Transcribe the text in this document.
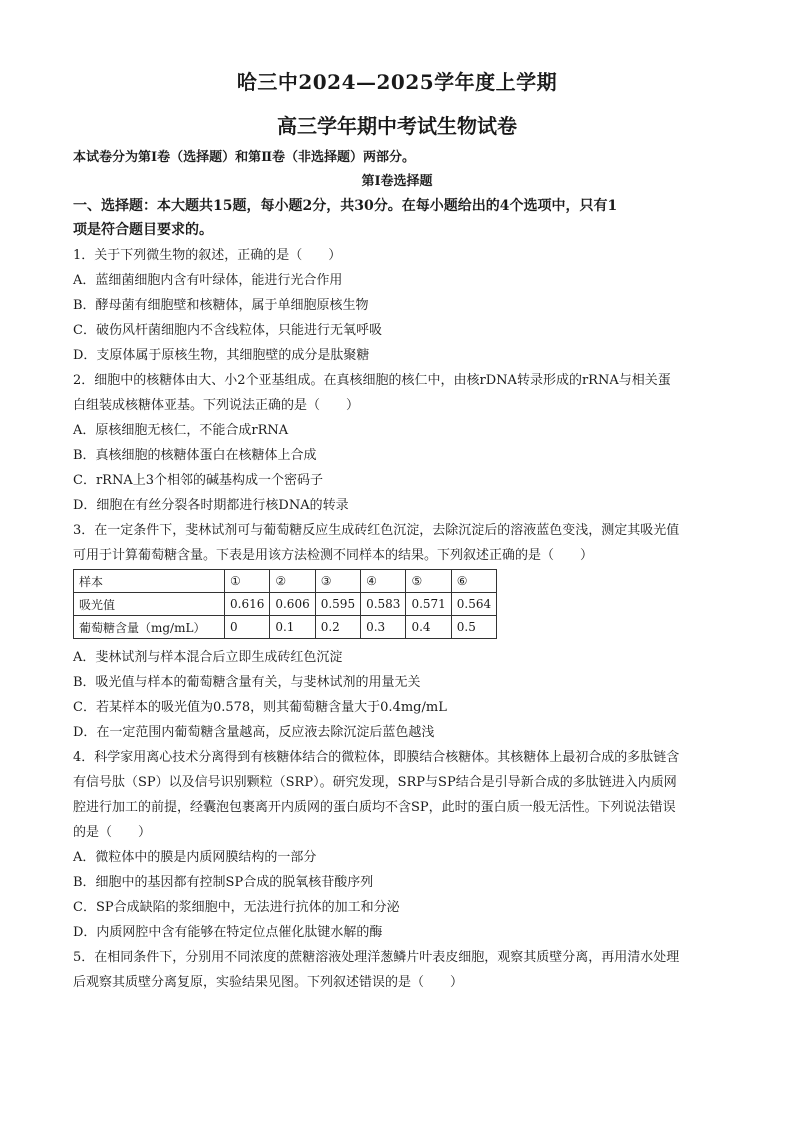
哈三中2024—2025学年度上学期
高三学年期中考试生物试卷
本试卷分为第Ⅰ卷（选择题）和第Ⅱ卷（非选择题）两部分。
第Ⅰ卷选择题
一、选择题：本大题共15题，每小题2分，共30分。在每小题给出的4个选项中，只有1
项是符合题目要求的。
1．关于下列微生物的叙述，正确的是（　　）
A．蓝细菌细胞内含有叶绿体，能进行光合作用
B．酵母菌有细胞壁和核糖体，属于单细胞原核生物
C．破伤风杆菌细胞内不含线粒体，只能进行无氧呼吸
D．支原体属于原核生物，其细胞壁的成分是肽聚糖
2．细胞中的核糖体由大、小2个亚基组成。在真核细胞的核仁中，由核rDNA转录形成的rRNA与相关蛋
白组装成核糖体亚基。下列说法正确的是（　　）
A．原核细胞无核仁，不能合成rRNA
B．真核细胞的核糖体蛋白在核糖体上合成
C．rRNA上3个相邻的碱基构成一个密码子
D．细胞在有丝分裂各时期都进行核DNA的转录
3．在一定条件下，斐林试剂可与葡萄糖反应生成砖红色沉淀，去除沉淀后的溶液蓝色变浅，测定其吸光值
可用于计算葡萄糖含量。下表是用该方法检测不同样本的结果。下列叙述正确的是（　　）
样本	①	②	③	④	⑤	⑥
吸光值	0.616	0.606	0.595	0.583	0.571	0.564
葡萄糖含量（mg/mL）	0	0.1	0.2	0.3	0.4	0.5
A．斐林试剂与样本混合后立即生成砖红色沉淀
B．吸光值与样本的葡萄糖含量有关，与斐林试剂的用量无关
C．若某样本的吸光值为0.578，则其葡萄糖含量大于0.4mg/mL
D．在一定范围内葡萄糖含量越高，反应液去除沉淀后蓝色越浅
4．科学家用离心技术分离得到有核糖体结合的微粒体，即膜结合核糖体。其核糖体上最初合成的多肽链含
有信号肽（SP）以及信号识别颗粒（SRP）。研究发现，SRP与SP结合是引导新合成的多肽链进入内质网
腔进行加工的前提，经囊泡包裹离开内质网的蛋白质均不含SP，此时的蛋白质一般无活性。下列说法错误
的是（　　）
A．微粒体中的膜是内质网膜结构的一部分
B．细胞中的基因都有控制SP合成的脱氧核苷酸序列
C．SP合成缺陷的浆细胞中，无法进行抗体的加工和分泌
D．内质网腔中含有能够在特定位点催化肽键水解的酶
5．在相同条件下，分别用不同浓度的蔗糖溶液处理洋葱鳞片叶表皮细胞，观察其质壁分离，再用清水处理
后观察其质壁分离复原，实验结果见图。下列叙述错误的是（　　）
